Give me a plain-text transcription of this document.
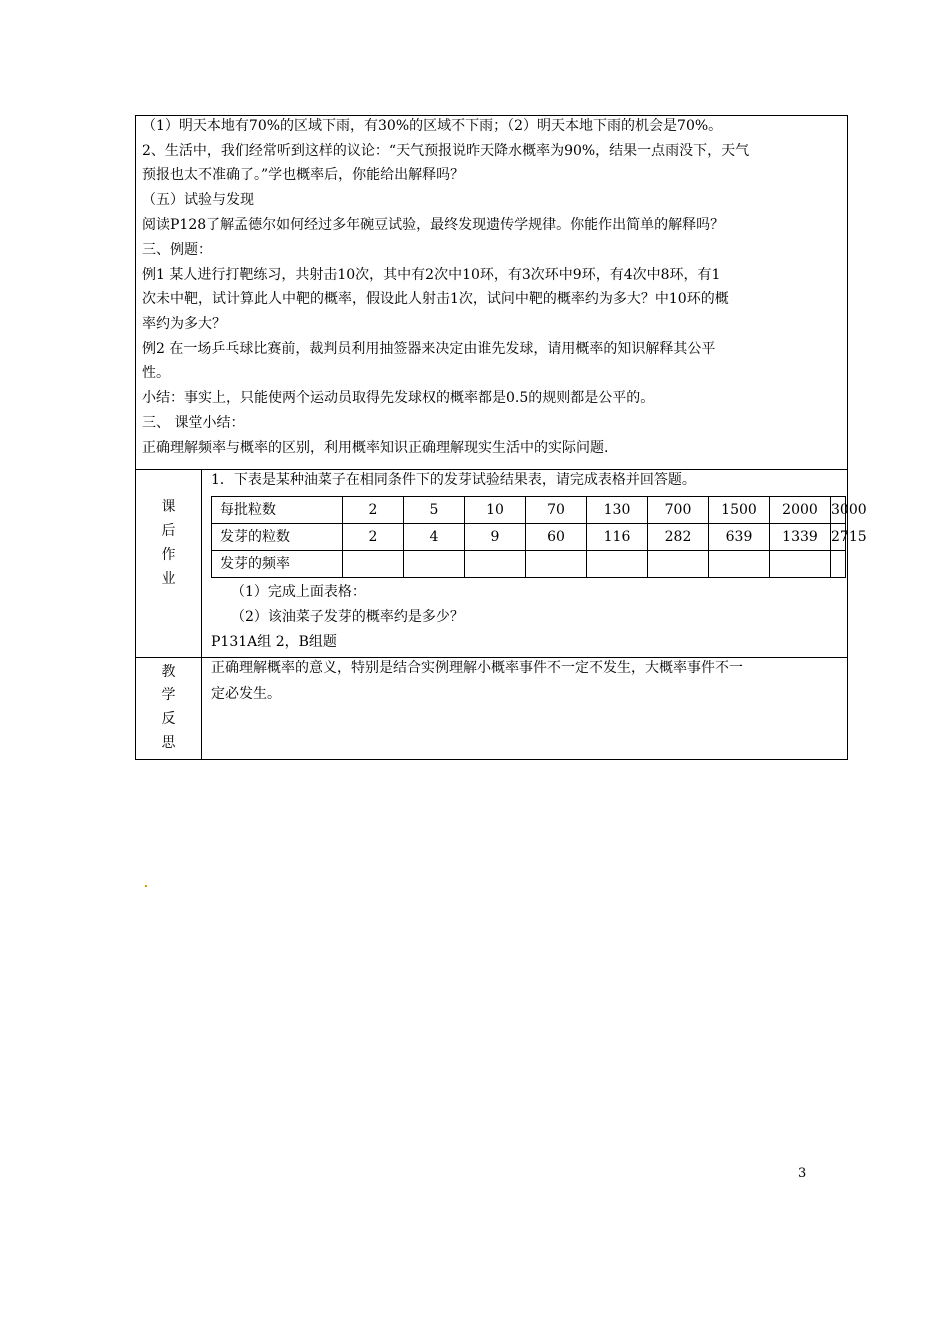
（1）明天本地有70%的区域下雨，有30%的区域不下雨；（2）明天本地下雨的机会是70%。
2、生活中，我们经常听到这样的议论：“天气预报说昨天降水概率为90%，结果一点雨没下，天气
预报也太不准确了。”学也概率后，你能给出解释吗？
（五）试验与发现
阅读P128了解孟德尔如何经过多年碗豆试验，最终发现遗传学规律。你能作出简单的解释吗？
三、例题：
例1 某人进行打靶练习，共射击10次，其中有2次中10环，有3次环中9环，有4次中8环，有1
次未中靶，试计算此人中靶的概率，假设此人射击1次，试问中靶的概率约为多大？中10环的概
率约为多大？
例2 在一场乒乓球比赛前，裁判员利用抽签器来决定由谁先发球，请用概率的知识解释其公平
性。
小结：事实上，只能使两个运动员取得先发球权的概率都是0.5的规则都是公平的。
三、 课堂小结：
正确理解频率与概率的区别，利用概率知识正确理解现实生活中的实际问题.
课
后
作
业
1．下表是某种油菜子在相同条件下的发芽试验结果表，请完成表格并回答题。
每批粒数	2	5	10	70	130	700	1500	2000	3000

发芽的粒数	2	4	9	60	116	282	639	1339	2715

发芽的频率									
（1）完成上面表格：
（2）该油菜子发芽的概率约是多少？
P131A组 2，B组题
教
学
反
思
正确理解概率的意义，特别是结合实例理解小概率事件不一定不发生，大概率事件不一
定必发生。
3
